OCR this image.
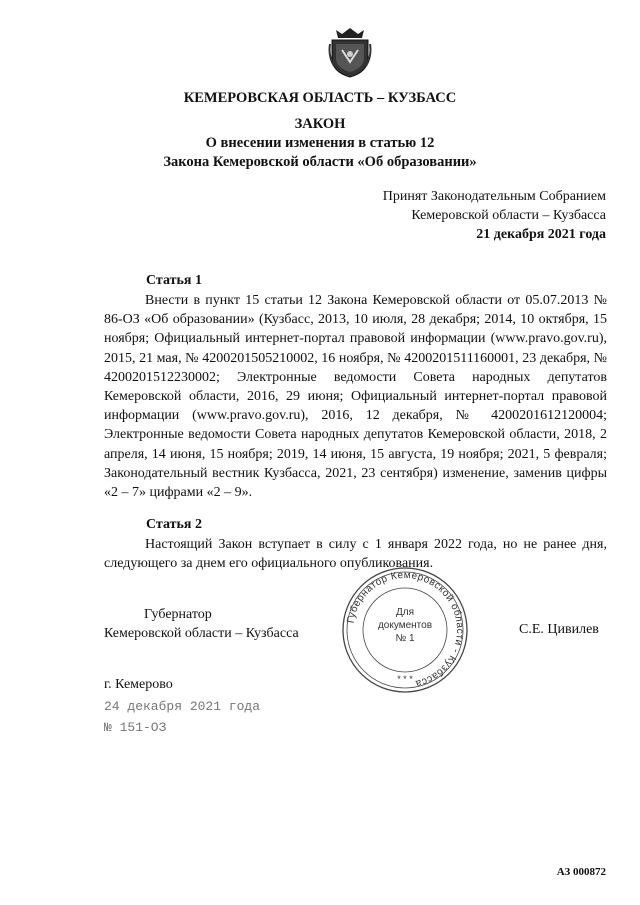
КЕМЕРОВСКАЯ ОБЛАСТЬ – КУЗБАСС
ЗАКОН
О внесении изменения в статью 12
Закона Кемеровской области «Об образовании»
Принят Законодательным Собранием
Кемеровской области – Кузбасса
21 декабря 2021 года
Статья 1
Внести в пункт 15 статьи 12 Закона Кемеровской области от 05.07.2013 № 86-ОЗ «Об образовании» (Кузбасс, 2013, 10 июля, 28 декабря; 2014, 10 октября, 15 ноября; Официальный интернет-портал правовой информации (www.pravo.gov.ru), 2015, 21 мая, № 4200201505210002, 16 ноября, № 4200201511160001, 23 декабря, № 4200201512230002; Электронные ведомости Совета народных депутатов Кемеровской области, 2016, 29 июня; Официальный интернет-портал правовой информации (www.pravo.gov.ru), 2016, 12 декабря, № 4200201612120004; Электронные ведомости Совета народных депутатов Кемеровской области, 2018, 2 апреля, 14 июня, 15 ноября; 2019, 14 июня, 15 августа, 19 ноября; 2021, 5 февраля; Законодательный вестник Кузбасса, 2021, 23 сентября) изменение, заменив цифры «2 – 7» цифрами «2 – 9».
Статья 2
Настоящий Закон вступает в силу с 1 января 2022 года, но не ранее дня, следующего за днем его официального опубликования.
Губернатор
Кемеровской области – Кузбасса	С.Е. Цивилев
Губернатор Кемеровской области - Кузбасса
Для
документов
№ 1
* * *
г. Кемерово
24 декабря 2021 года
№ 151-ОЗ
АЗ 000872
